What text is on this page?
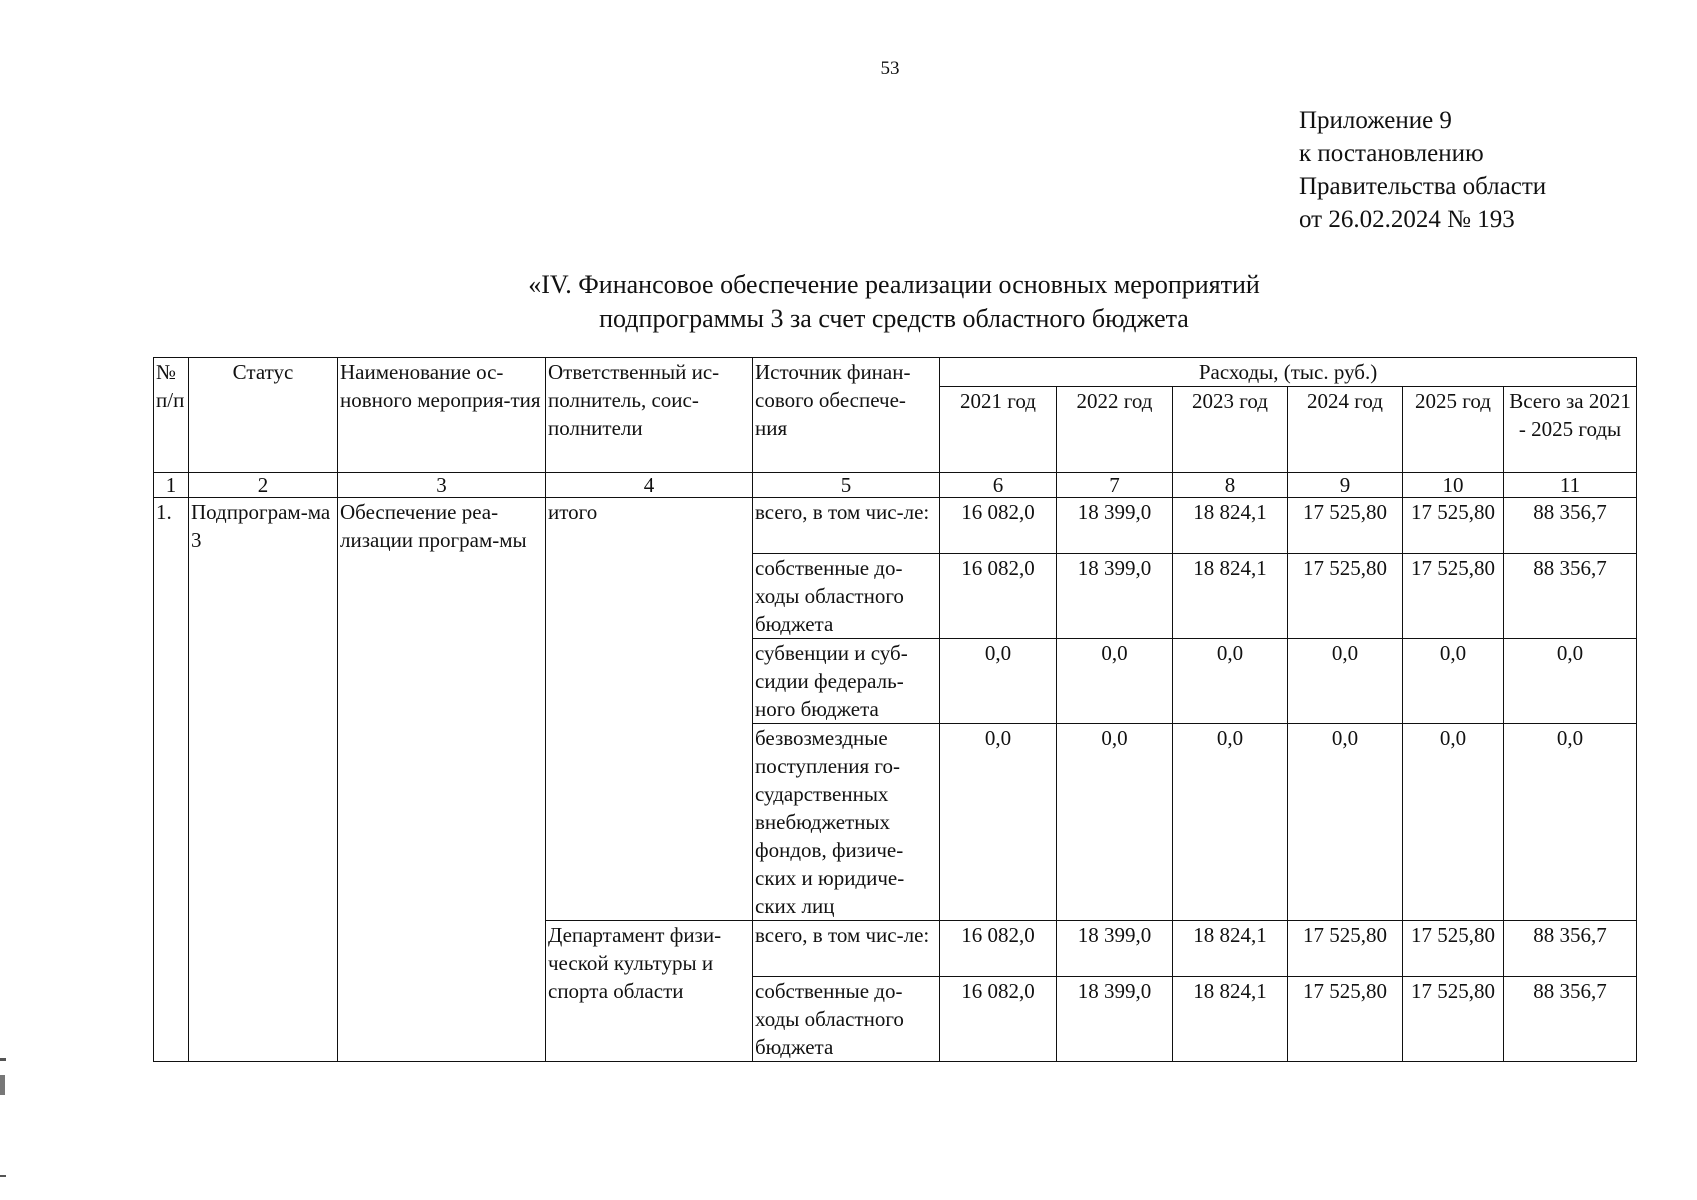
53
Приложение 9
к постановлению
Правительства области
от 26.02.2024 № 193
«IV. Финансовое обеспечение реализации основных мероприятий
подпрограммы 3 за счет средств областного бюджета
№ п/п	Статус	Наименование ос-новного мероприя-тия	Ответственный ис-полнитель, соис-полнители	Источник финан-сового обеспече-ния	Расходы, (тыс. руб.)					
					2021 год	2022 год	2023 год	2024 год	2025 год	Всего за 2021 - 2025 годы
1	2	3	4	5	6	7	8	9	10	11
1.	Подпрограм-ма 3	Обеспечение реа-лизации програм-мы	итого	всего, в том чис-ле:	16 082,0	18 399,0	18 824,1	17 525,80	17 525,80	88 356,7
				собственные до-ходы областного бюджета	16 082,0	18 399,0	18 824,1	17 525,80	17 525,80	88 356,7
				субвенции и суб-сидии федераль-ного бюджета	0,0	0,0	0,0	0,0	0,0	0,0
				безвозмездные поступления го-сударственных внебюджетных фондов, физиче-ских и юридиче-ских лиц	0,0	0,0	0,0	0,0	0,0	0,0
			Департамент физи-ческой культуры и спорта области	всего, в том чис-ле:	16 082,0	18 399,0	18 824,1	17 525,80	17 525,80	88 356,7
				собственные до-ходы областного бюджета	16 082,0	18 399,0	18 824,1	17 525,80	17 525,80	88 356,7
